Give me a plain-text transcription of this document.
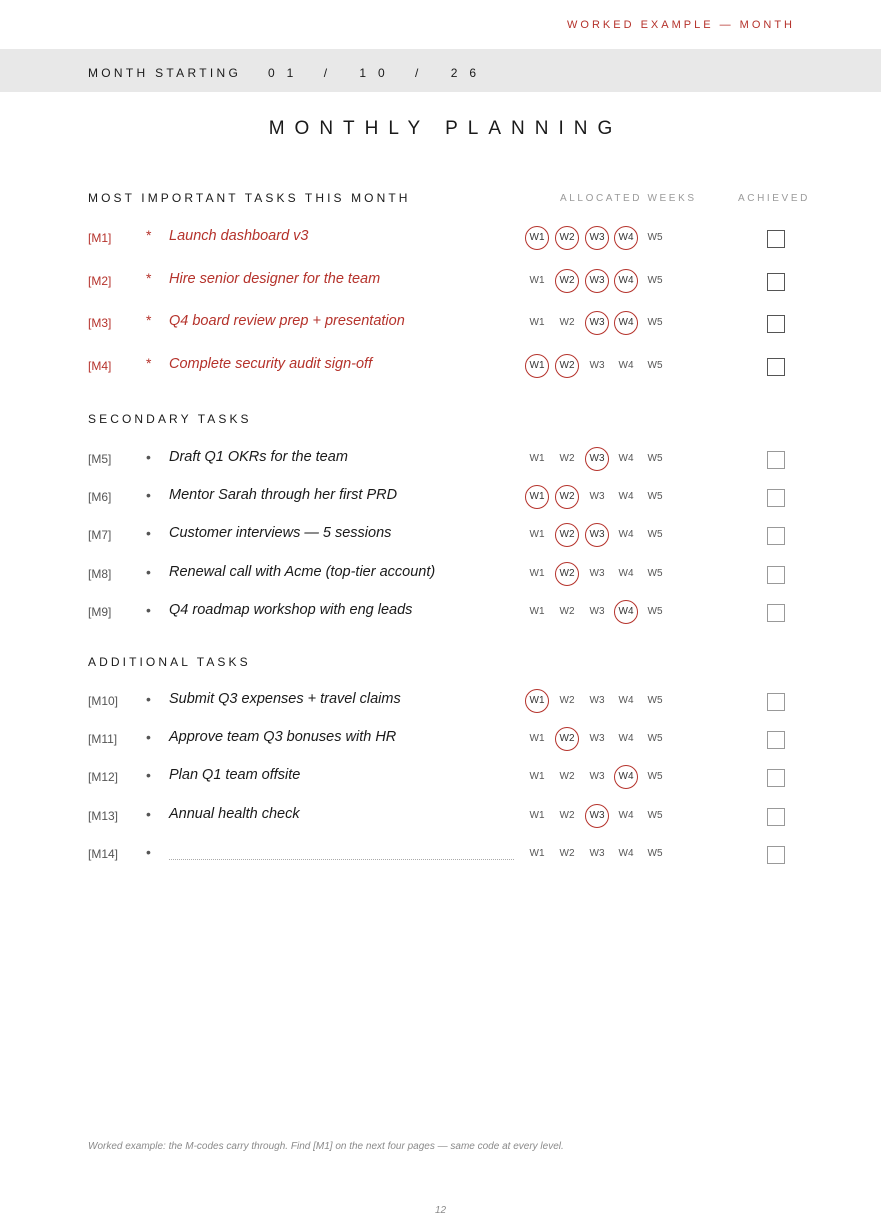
WORKED EXAMPLE — MONTH
MONTH STARTING 01	/	10	/	26
MONTHLY PLANNING
ALLOCATED WEEKS	ACHIEVED
MOST IMPORTANT TASKS THIS MONTH
[M1] * Launch dashboard v3	W1	W2	W3	W4	W5
[M2] * Hire senior designer for the team	W1	W2	W3	W4	W5
[M3] * Q4 board review prep + presentation	W1	W2	W3	W4	W5
[M4] * Complete security audit sign-off	W1	W2	W3	W4	W5
SECONDARY TASKS
[M5] • Draft Q1 OKRs for the team	W1	W2	W3	W4	W5
[M6] • Mentor Sarah through her first PRD	W1	W2	W3	W4	W5
[M7] • Customer interviews — 5 sessions	W1	W2	W3	W4	W5
[M8] • Renewal call with Acme (top-tier account)	W1	W2	W3	W4	W5
[M9] • Q4 roadmap workshop with eng leads	W1	W2	W3	W4	W5
ADDITIONAL TASKS
[M10] • Submit Q3 expenses + travel claims	W1	W2	W3	W4	W5
[M11] • Approve team Q3 bonuses with HR	W1	W2	W3	W4	W5
[M12] • Plan Q1 team offsite	W1	W2	W3	W4	W5
[M13] • Annual health check	W1	W2	W3	W4	W5
[M14] •	W1	W2	W3	W4	W5
Worked example: the M-codes carry through. Find [M1] on the next four pages — same code at every level.
12
